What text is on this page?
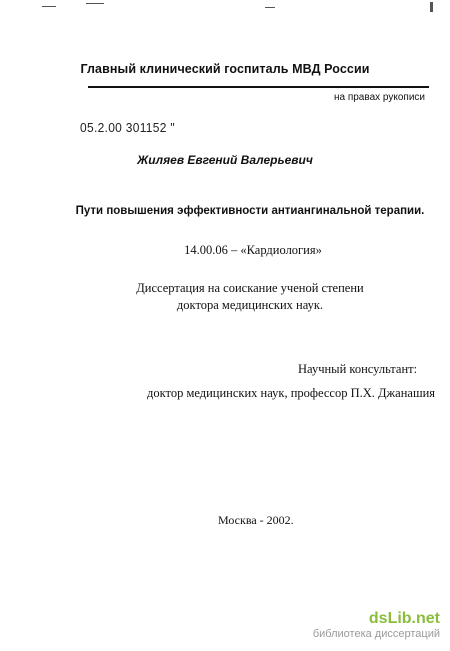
Главный клинический госпиталь МВД России
на правах рукописи
05.2.00 301152 "
Жиляев Евгений Валерьевич
Пути повышения эффективности антиангинальной терапии.
14.00.06 – «Кардиология»
Диссертация на соискание ученой степени
доктора медицинских наук.
Научный консультант:
доктор медицинских наук, профессор П.Х. Джанашия
Москва - 2002.
dsLib.net
библиотека диссертаций
